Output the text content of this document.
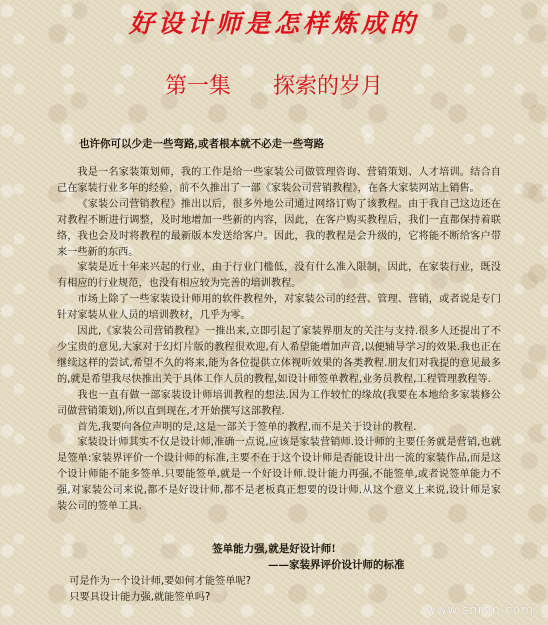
好设计师是怎样炼成的
第一集      探索的岁月
也许你可以少走一些弯路,或者根本就不必走一些弯路

我是一名家装策划师，我的工作是给一些家装公司做管理咨询、营销策划、人才培训。结合自己在家装行业多年的经验，前不久推出了一部《家装公司营销教程》，在各大家装网站上销售。

《家装公司营销教程》推出以后，很多外地公司通过网络订购了该教程。由于我自己这边还在对教程不断进行调整，及时地增加一些新的内容，因此，在客户购买教程后，我们一直都保持着联络，我也会及时将教程的最新版本发送给客户。因此，我的教程是会升级的，它将能不断给客户带来一些新的东西。

家装是近十年来兴起的行业，由于行业门槛低，没有什么准入限制，因此，在家装行业，既没有相应的行业规范，也没有相应较为完善的培训教程。

市场上除了一些家装设计师用的软件教程外，对家装公司的经营、管理、营销，或者说是专门针对家装从业人员的培训教材，几乎为零。

因此,《家装公司营销教程》一推出来,立即引起了家装界朋友的关注与支持.很多人还提出了不少宝贵的意见,大家对于幻灯片版的教程很欢迎,有人希望能增加声音,以便辅导学习的效果.我也正在继续这样的尝试,希望不久的将来,能为各位提供立体视听效果的各类教程.朋友们对我提的意见最多的,就是希望我尽快推出关于具体工作人员的教程,如设计师签单教程,业务员教程,工程管理教程等.

我也一直有做一部家装设计师培训教程的想法.因为工作较忙的缘故(我要在本地给多家装修公司做营销策划),所以直到现在,才开始撰写这部教程.

首先,我要向各位声明的是,这是一部关于签单的教程,而不是关于设计的教程.

家装设计师其实不仅是设计师,准确一点说,应该是家装营销师.设计师的主要任务就是营销,也就是签单:家装界评价一个设计师的标准,主要不在于这个设计师是否能设计出一流的家装作品,而是这个设计师能不能多签单.只要能签单,就是一个好设计师.设计能力再强,不能签单,或者说签单能力不强,对家装公司来说,都不是好设计师,都不是老板真正想要的设计师.从这个意义上来说,设计师是家装公司的签单工具.

签单能力强,就是好设计师!
——家装界评价设计师的标准

可是作为一个设计师,要如何才能签单呢?

只要具设计能力强,就能签单吗?

www.snren.com
